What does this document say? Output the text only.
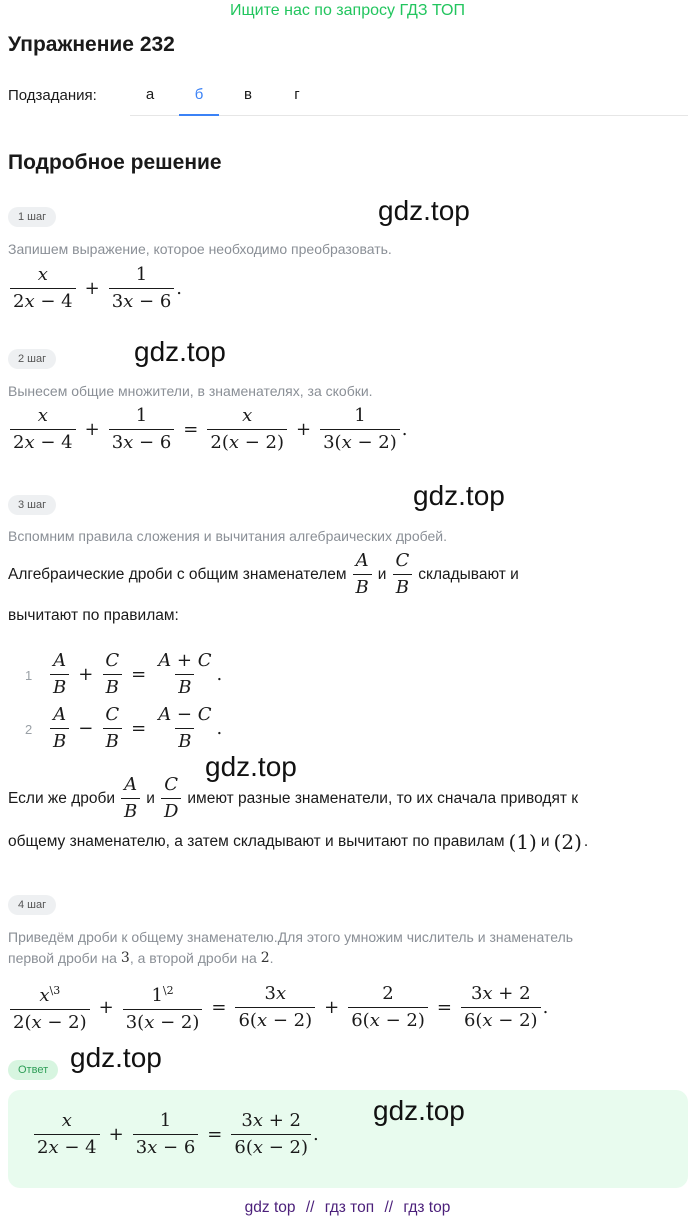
Ищите нас по запросу ГДЗ ТОП
Упражнение 232
Подзадания:	а	б	в	г
Подробное решение
1 шаг	gdz.top
Запишем выражение, которое необходимо преобразовать.
$\frac{x}{2x - 4} + \frac{1}{3x - 6}$ .
2 шаг	gdz.top
Вынесем общие множители, в знаменателях, за скобки.
$\frac{x}{2x - 4} + \frac{1}{3x - 6} = \frac{x}{2(x - 2)} + \frac{1}{3(x - 2)}$ .
3 шаг	gdz.top
Вспомним правила сложения и вычитания алгебраических дробей.
Алгебраические дроби с общим знаменателем $\frac{A}{B}$ и $\frac{C}{B}$ складывают и
вычитают по правилам:
$1 \frac{A}{B} + \frac{C}{B} = \frac{A + C}{B}$ .
$2 \frac{A}{B} - \frac{C}{B} = \frac{A - C}{B}$ .
gdz.top
Если же дроби $\frac{A}{B}$ и $\frac{C}{D}$ имеют разные знаменатели, то их сначала приводят к
общему знаменателю, а затем складывают и вычитают по правилам (1) и (2) .
4 шаг
Приведём дроби к общему знаменателю.Для этого умножим числитель и знаменатель
первой дроби на 3 , а второй дроби на 2 .
$\frac{x^{\backslash 3}}{2(x - 2)} + \frac{1^{\backslash 2}}{3(x - 2)} = \frac{3x}{6(x - 2)} + \frac{2}{6(x - 2)} = \frac{3x + 2}{6(x - 2)}$ .
gdz.top
Ответ
gdz.top
$\frac{x}{2x - 4} + \frac{1}{3x - 6} = \frac{3x + 2}{6(x - 2)}$ .
gdz top // гдз топ // гдз top
